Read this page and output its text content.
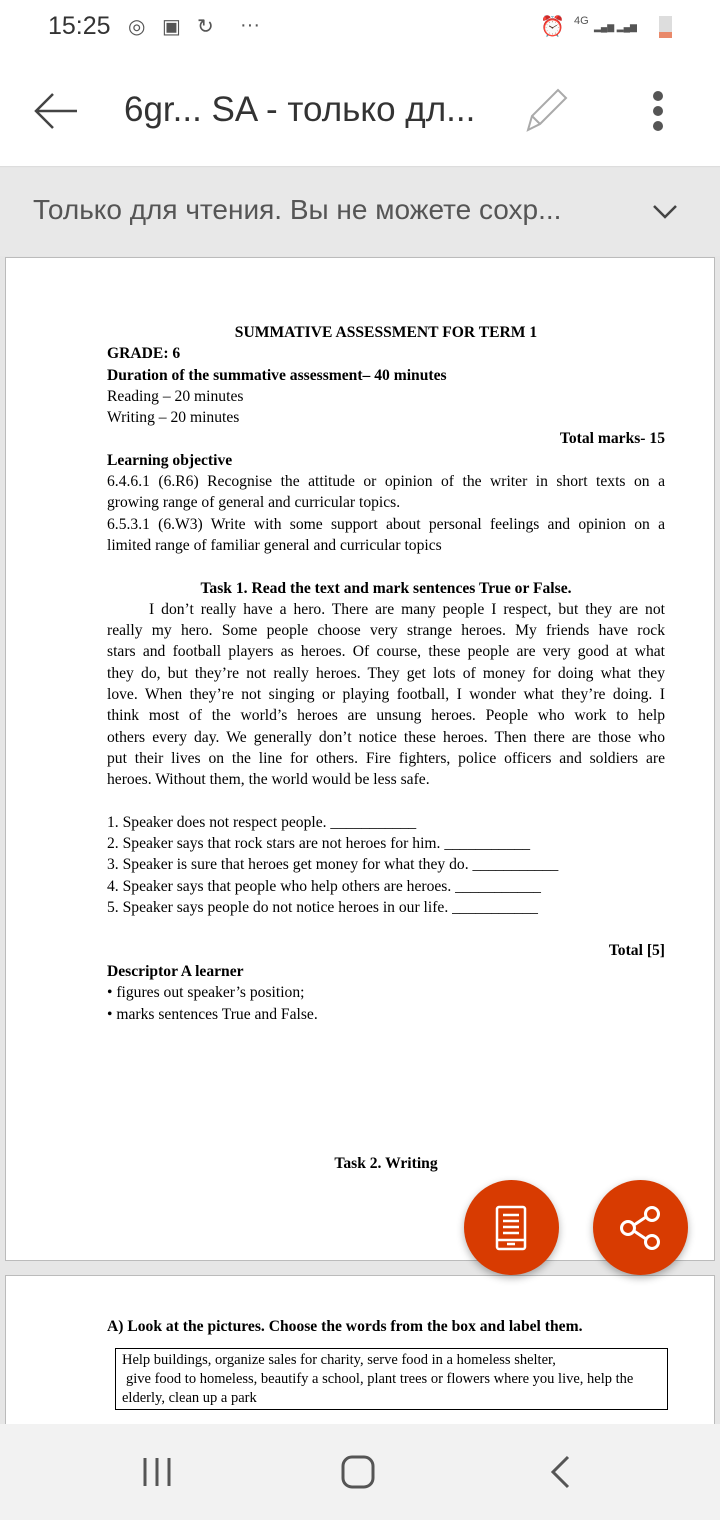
15:25 ◎ ▣ ↻ ···	⏰ 4G ▂▄▆ ▂▄▆
6gr... SA - только дл...
Только для чтения. Вы не можете сохр...
SUMMATIVE ASSESSMENT FOR TERM 1
GRADE: 6
Duration of the summative assessment– 40 minutes
Reading – 20 minutes
Writing – 20 minutes
Total marks- 15
Learning objective
6.4.6.1 (6.R6) Recognise the attitude or opinion of the writer in short texts on a
growing range of general and curricular topics.
6.5.3.1 (6.W3) Write with some support about personal feelings and opinion on a
limited range of familiar general and curricular topics
Task 1. Read the text and mark sentences True or False.
I don’t really have a hero. There are many people I respect, but they are not
really my hero. Some people choose very strange heroes. My friends have rock
stars and football players as heroes. Of course, these people are very good at what
they do, but they’re not really heroes. They get lots of money for doing what they
love. When they’re not singing or playing football, I wonder what they’re doing. I
think most of the world’s heroes are unsung heroes. People who work to help
others every day. We generally don’t notice these heroes. Then there are those who
put their lives on the line for others. Fire fighters, police officers and soldiers are
heroes. Without them, the world would be less safe.
1. Speaker does not respect people. ___________
2. Speaker says that rock stars are not heroes for him. ___________
3. Speaker is sure that heroes get money for what they do. ___________
4. Speaker says that people who help others are heroes. ___________
5. Speaker says people do not notice heroes in our life. ___________
Total [5]
Descriptor A learner
• figures out speaker’s position;
• marks sentences True and False.
Task 2. Writing
A) Look at the pictures. Choose the words from the box and label them.
Help buildings, organize sales for charity, serve food in a homeless shelter,
give food to homeless, beautify a school, plant trees or flowers where you live, help the
elderly, clean up a park
